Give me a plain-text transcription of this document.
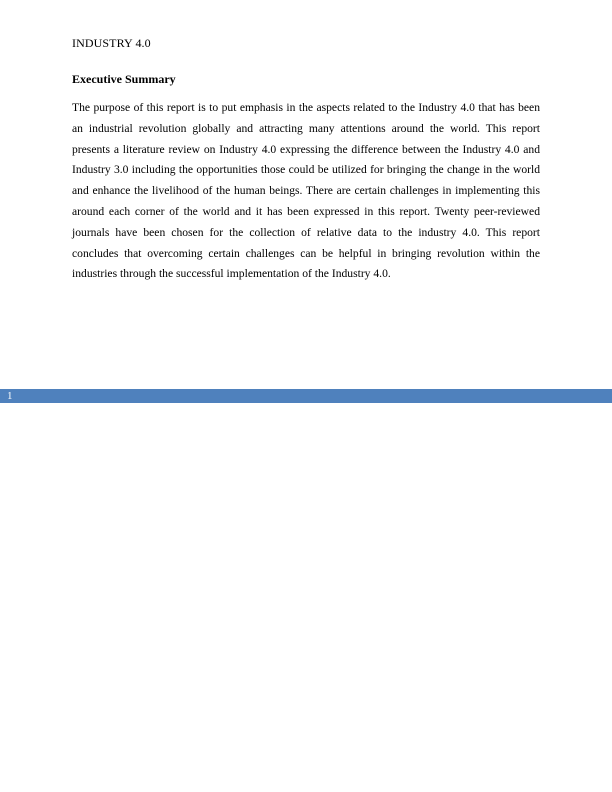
INDUSTRY 4.0
Executive Summary

The purpose of this report is to put emphasis in the aspects related to the Industry 4.0 that has been an industrial revolution globally and attracting many attentions around the world. This report presents a literature review on Industry 4.0 expressing the difference between the Industry 4.0 and Industry 3.0 including the opportunities those could be utilized for bringing the change in the world and enhance the livelihood of the human beings. There are certain challenges in implementing this around each corner of the world and it has been expressed in this report. Twenty peer-reviewed journals have been chosen for the collection of relative data to the industry 4.0. This report concludes that overcoming certain challenges can be helpful in bringing revolution within the industries through the successful implementation of the Industry 4.0.

1
